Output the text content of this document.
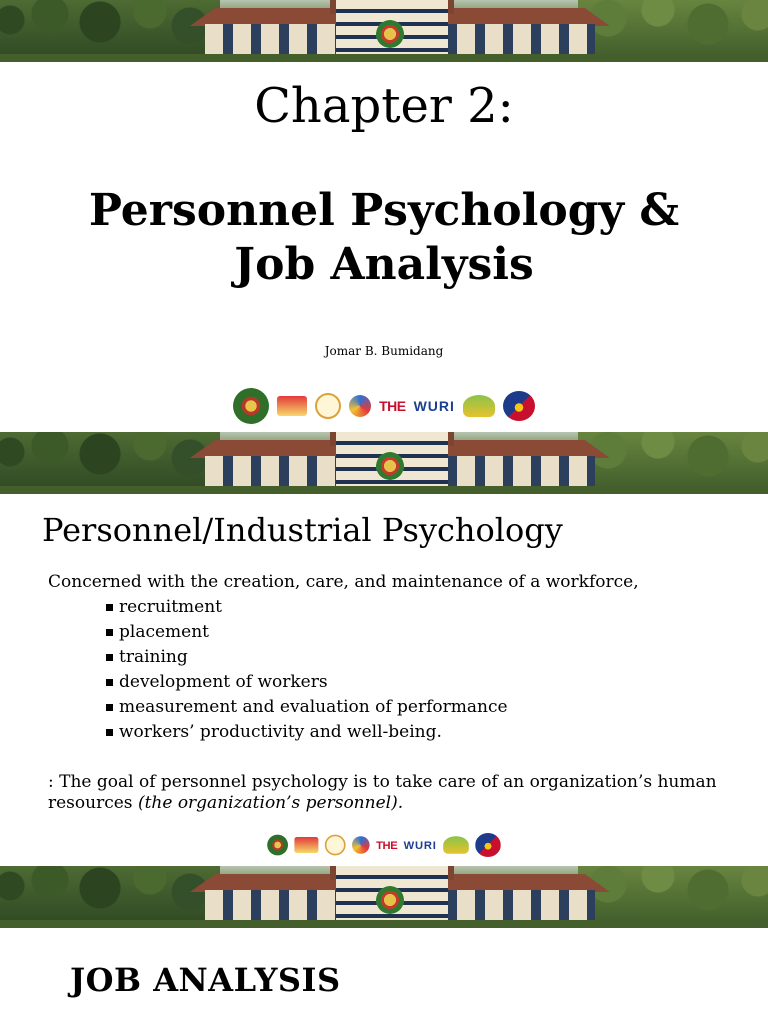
Chapter 2:
Personnel Psychology &
Job Analysis
Jomar B. Bumidang
THE WURI
Personnel/Industrial Psychology
Concerned with the creation, care, and maintenance of a workforce,
recruitment
placement
training
development of workers
measurement and evaluation of performance
workers’ productivity and well-being.
: The goal of personnel psychology is to take care of an organization’s human resources (the organization’s personnel).
THE WURI
JOB ANALYSIS
